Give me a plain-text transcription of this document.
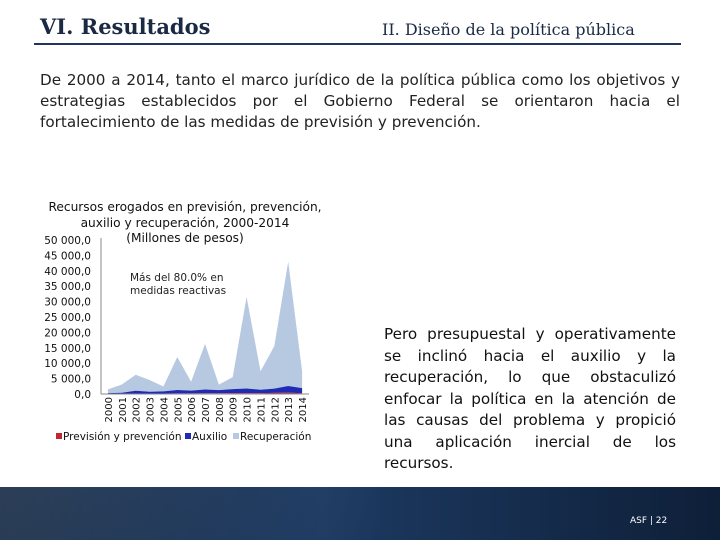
VI. Resultados	II. Diseño de la política pública
De 2000 a 2014, tanto el marco jurídico de la política pública como los objetivos y estrategias establecidos por el Gobierno Federal se orientaron hacia el fortalecimiento de las medidas de previsión y prevención.
Recursos erogados en previsión, prevención,
auxilio y recuperación, 2000-2014
(Millones de pesos)
0,0
5 000,0
10 000,0
15 000,0
20 000,0
25 000,0
30 000,0
35 000,0
40 000,0
45 000,0
50 000,0
2000 2001 2002 2003 2004 2005 2006 2007 2008 2009 2010 2011 2012 2013 2014
Más del 80.0% en
medidas reactivas
Previsión y prevención Auxilio Recuperación
Pero presupuestal y operativamente se inclinó hacia el auxilio y la recuperación, lo que obstaculizó enfocar la política en la atención de las causas del problema y propició una aplicación inercial de los recursos.
ASF | 22
